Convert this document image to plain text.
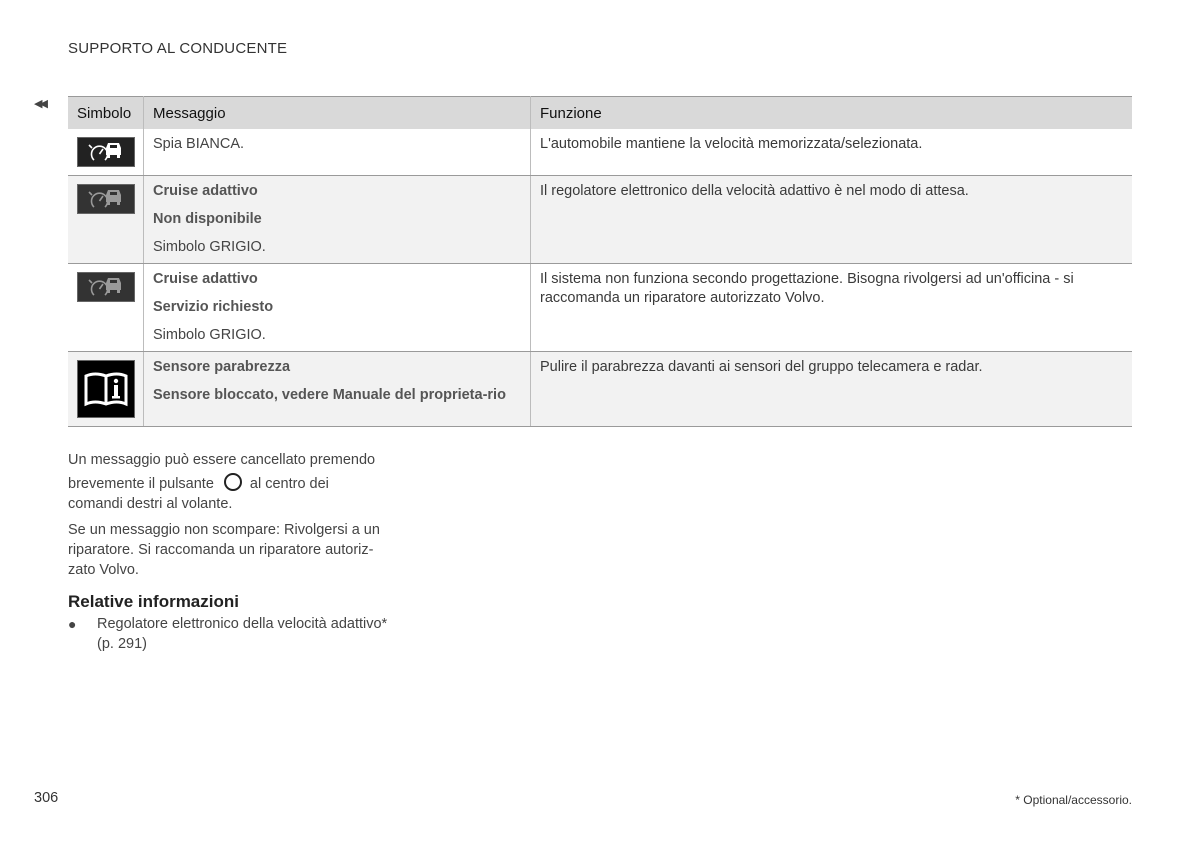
SUPPORTO AL CONDUCENTE
◀◀
Simbolo	Messaggio	Funzione

Spia BIANCA.	L'automobile mantiene la velocità memorizzata/selezionata.

Cruise adattivo
Non disponibile
Simbolo GRIGIO.	Il regolatore elettronico della velocità adattivo è nel modo di attesa.

Cruise adattivo
Servizio richiesto
Simbolo GRIGIO.	Il sistema non funziona secondo progettazione. Bisogna rivolgersi ad un'officina - si raccomanda un riparatore autorizzato Volvo.

Sensore parabrezza
Sensore bloccato, vedere Manuale del proprieta-rio	Pulire il parabrezza davanti ai sensori del gruppo telecamera e radar.
Un messaggio può essere cancellato premendo
brevemente il pulsante al centro dei
comandi destri al volante.
Se un messaggio non scompare: Rivolgersi a un riparatore. Si raccomanda un riparatore autoriz-zato Volvo.
Relative informazioni
● Regolatore elettronico della velocità adattivo*
(p. 291)
306	* Optional/accessorio.
